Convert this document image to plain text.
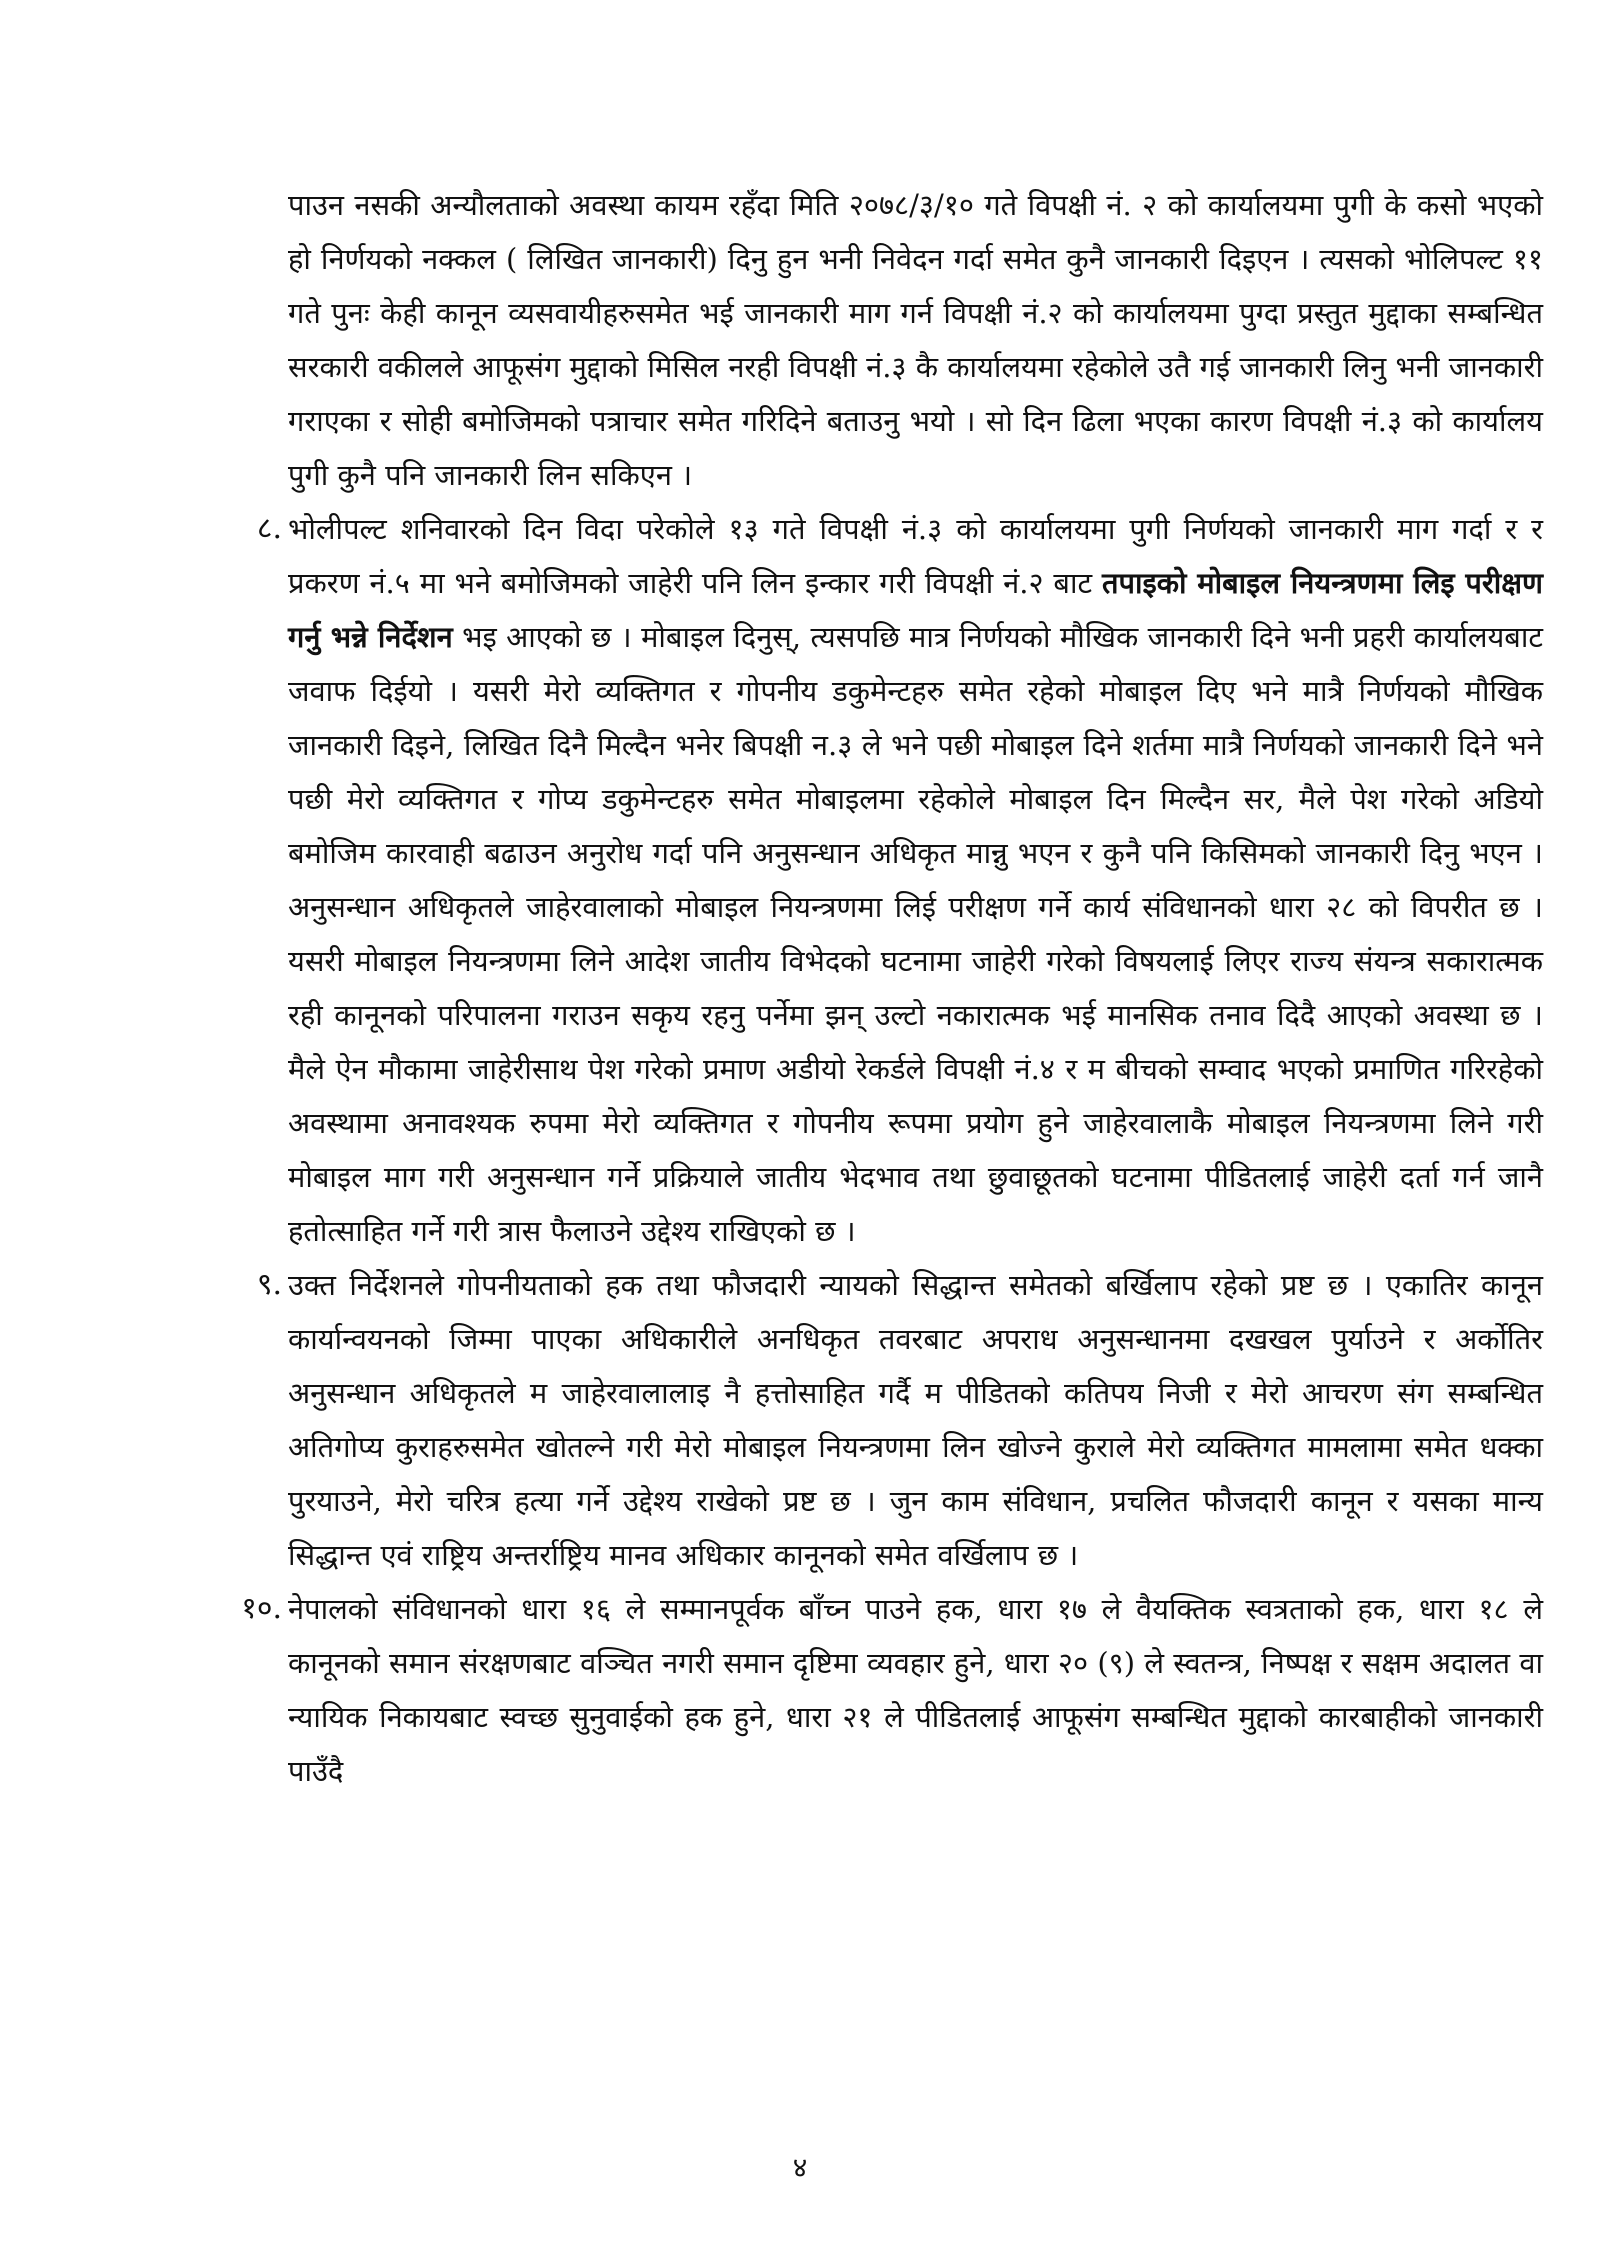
पाउन नसकी अन्यौलताको अवस्था कायम रहँदा मिति २०७८/३/१० गते विपक्षी नं. २ को कार्यालयमा पुगी के कसो भएको हो निर्णयको नक्कल ( लिखित जानकारी) दिनु हुन भनी निवेदन गर्दा समेत कुनै जानकारी दिइएन । त्यसको भोलिपल्ट ११ गते पुनः केही कानून व्यसवायीहरुसमेत भई जानकारी माग गर्न विपक्षी नं.२ को कार्यालयमा पुग्दा प्रस्तुत मुद्दाका सम्बन्धित सरकारी वकीलले आफूसंग मुद्दाको मिसिल नरही विपक्षी नं.३ कै कार्यालयमा रहेकोले उतै गई जानकारी लिनु भनी जानकारी गराएका र सोही बमोजिमको पत्राचार समेत गरिदिने बताउनु भयो । सो दिन ढिला भएका कारण विपक्षी नं.३ को कार्यालय पुगी कुनै पनि जानकारी लिन सकिएन ।

८. भोलीपल्ट शनिवारको दिन विदा परेकोले १३ गते विपक्षी नं.३ को कार्यालयमा पुगी निर्णयको जानकारी माग गर्दा र र प्रकरण नं.५ मा भने बमोजिमको जाहेरी पनि लिन इन्कार गरी विपक्षी नं.२ बाट तपाइको मोबाइल नियन्त्रणमा लिइ परीक्षण गर्नु भन्ने निर्देशन भइ आएको छ । मोबाइल दिनुस्, त्यसपछि मात्र निर्णयको मौखिक जानकारी दिने भनी प्रहरी कार्यालयबाट जवाफ दिईयो । यसरी मेरो व्यक्तिगत र गोपनीय डकुमेन्टहरु समेत रहेको मोबाइल दिए भने मात्रै निर्णयको मौखिक जानकारी दिइने, लिखित दिनै मिल्दैन भनेर बिपक्षी न.३ ले भने पछी मोबाइल दिने शर्तमा मात्रै निर्णयको जानकारी दिने भने पछी मेरो व्यक्तिगत र गोप्य डकुमेन्टहरु समेत मोबाइलमा रहेकोले मोबाइल दिन मिल्दैन सर, मैले पेश गरेको अडियो बमोजिम कारवाही बढाउन अनुरोध गर्दा पनि अनुसन्धान अधिकृत मान्नु भएन र कुनै पनि किसिमको जानकारी दिनु भएन । अनुसन्धान अधिकृतले जाहेरवालाको मोबाइल नियन्त्रणमा लिई परीक्षण गर्ने कार्य संविधानको धारा २८ को विपरीत छ । यसरी मोबाइल नियन्त्रणमा लिने आदेश जातीय विभेदको घटनामा जाहेरी गरेको विषयलाई लिएर राज्य संयन्त्र सकारात्मक रही कानूनको परिपालना गराउन सकृय रहनु पर्नेमा झन् उल्टो नकारात्मक भई मानसिक तनाव दिदै आएको अवस्था छ । मैले ऐन मौकामा जाहेरीसाथ पेश गरेको प्रमाण अडीयो रेकर्डले विपक्षी नं.४ र म बीचको सम्वाद भएको प्रमाणित गरिरहेको अवस्थामा अनावश्यक रुपमा मेरो व्यक्तिगत र गोपनीय रूपमा प्रयोग हुने जाहेरवालाकै मोबाइल नियन्त्रणमा लिने गरी मोबाइल माग गरी अनुसन्धान गर्ने प्रक्रियाले जातीय भेदभाव तथा छुवाछूतको घटनामा पीडितलाई जाहेरी दर्ता गर्न जानै हतोत्साहित गर्ने गरी त्रास फैलाउने उद्देश्य राखिएको छ ।

९. उक्त निर्देशनले गोपनीयताको हक तथा फौजदारी न्यायको सिद्धान्त समेतको बर्खिलाप रहेको प्रष्ट छ । एकातिर कानून कार्यान्वयनको जिम्मा पाएका अधिकारीले अनधिकृत तवरबाट अपराध अनुसन्धानमा दखखल पुर्याउने र अर्कोतिर अनुसन्धान अधिकृतले म जाहेरवालालाइ नै हत्तोसाहित गर्दै म पीडितको कतिपय निजी र मेरो आचरण संग सम्बन्धित अतिगोप्य कुराहरुसमेत खोतल्ने गरी मेरो मोबाइल नियन्त्रणमा लिन खोज्ने कुराले मेरो व्यक्तिगत मामलामा समेत धक्का पुरयाउने, मेरो चरित्र हत्या गर्ने उद्देश्य राखेको प्रष्ट छ । जुन काम संविधान, प्रचलित फौजदारी कानून र यसका मान्य सिद्धान्त एवं राष्ट्रिय अन्तर्राष्ट्रिय मानव अधिकार कानूनको समेत वर्खिलाप छ ।

१०. नेपालको संविधानको धारा १६ ले सम्मानपूर्वक बाँच्न पाउने हक, धारा १७ ले वैयक्तिक स्वत्रताको हक, धारा १८ ले कानूनको समान संरक्षणबाट वञ्चित नगरी समान दृष्टिमा व्यवहार हुने, धारा २० (९) ले स्वतन्त्र, निष्पक्ष र सक्षम अदालत वा न्यायिक निकायबाट स्वच्छ सुनुवाईको हक हुने, धारा २१ ले पीडितलाई आफूसंग सम्बन्धित मुद्दाको कारबाहीको जानकारी पाउँदै

४
